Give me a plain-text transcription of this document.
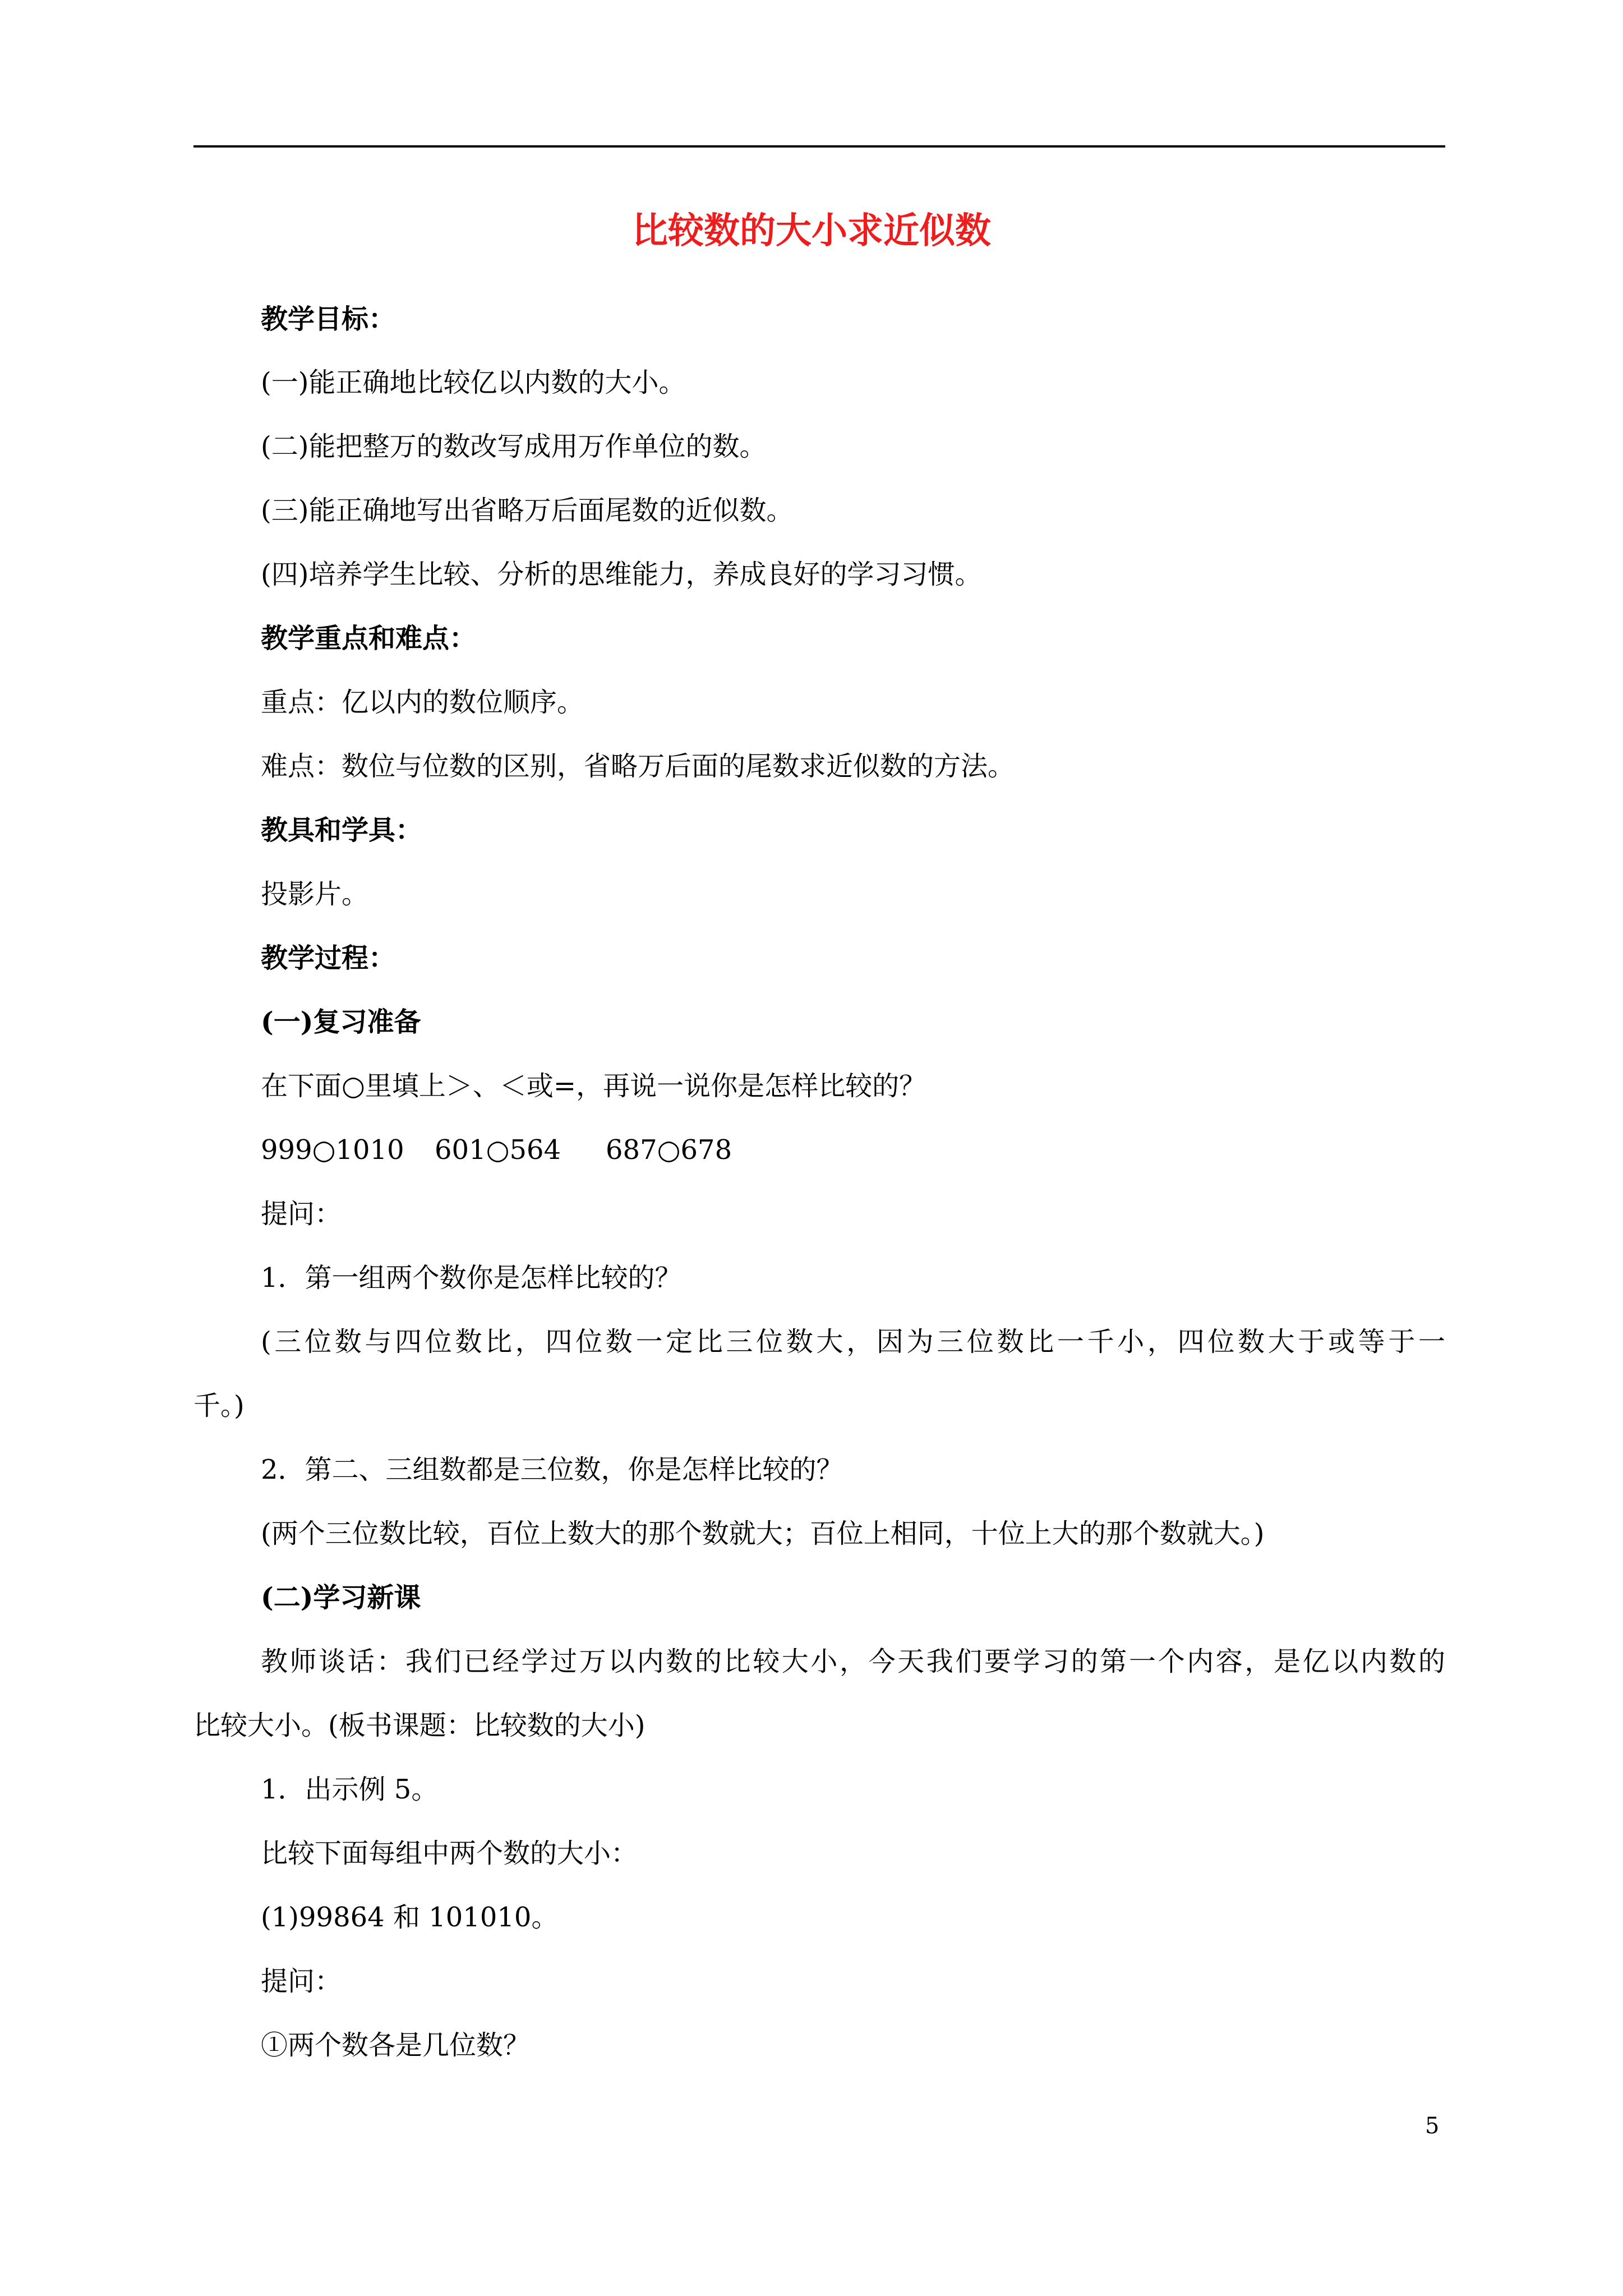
比较数的大小求近似数
教学目标：
(一)能正确地比较亿以内数的大小。
(二)能把整万的数改写成用万作单位的数。
(三)能正确地写出省略万后面尾数的近似数。
(四)培养学生比较、分析的思维能力，养成良好的学习习惯。
教学重点和难点：
重点：亿以内的数位顺序。
难点：数位与位数的区别，省略万后面的尾数求近似数的方法。
教具和学具：
投影片。
教学过程：
(一)复习准备
在下面○里填上＞、＜或=，再说一说你是怎样比较的？
999○1010 601○564 687○678
提问：
1．第一组两个数你是怎样比较的？
(三位数与四位数比，四位数一定比三位数大，因为三位数比一千小，四位数大于或等于一
千。)
2．第二、三组数都是三位数，你是怎样比较的？
(两个三位数比较，百位上数大的那个数就大；百位上相同，十位上大的那个数就大。)
(二)学习新课
教师谈话：我们已经学过万以内数的比较大小，今天我们要学习的第一个内容，是亿以内数的
比较大小。(板书课题：比较数的大小)
1．出示例 5。
比较下面每组中两个数的大小：
(1)99864 和 101010。
提问：
①两个数各是几位数？
5
